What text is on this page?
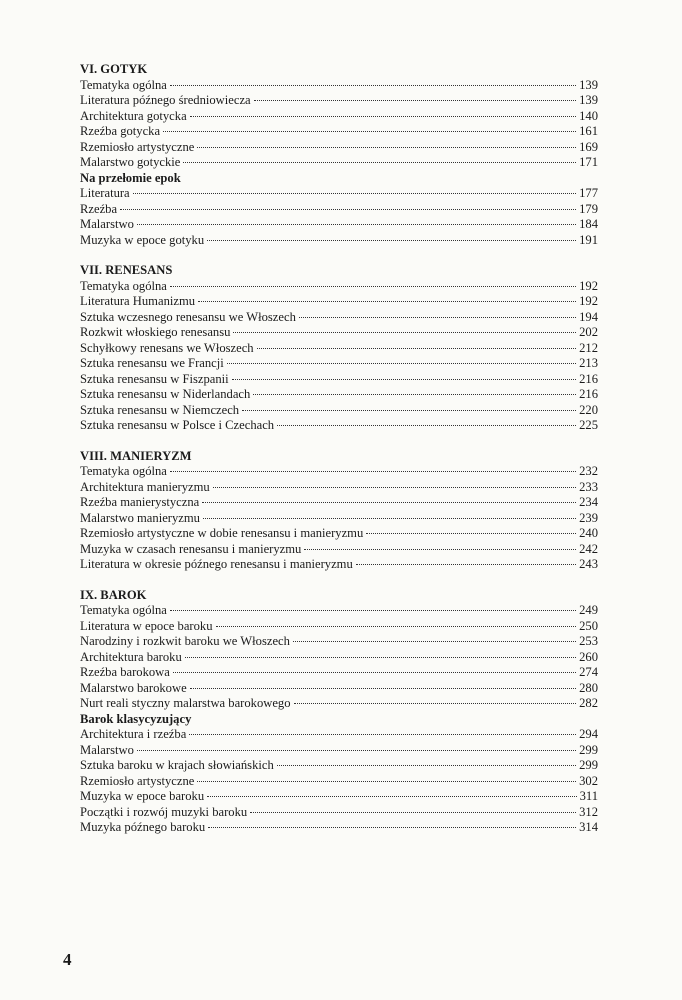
VI. GOTYK
Tematyka ogólna	139
Literatura późnego średniowiecza	139
Architektura gotycka	140
Rzeźba gotycka	161
Rzemiosło artystyczne	169
Malarstwo gotyckie	171
Na przełomie epok
Literatura	177
Rzeźba	179
Malarstwo	184
Muzyka w epoce gotyku	191
VII. RENESANS
Tematyka ogólna	192
Literatura Humanizmu	192
Sztuka wczesnego renesansu we Włoszech	194
Rozkwit włoskiego renesansu	202
Schyłkowy renesans we Włoszech	212
Sztuka renesansu we Francji	213
Sztuka renesansu w Fiszpanii	216
Sztuka renesansu w Niderlandach	216
Sztuka renesansu w Niemczech	220
Sztuka renesansu w Polsce i Czechach	225
VIII. MANIERYZM
Tematyka ogólna	232
Architektura manieryzmu	233
Rzeźba manierystyczna	234
Malarstwo manieryzmu	239
Rzemiosło artystyczne w dobie renesansu i manieryzmu	240
Muzyka w czasach renesansu i manieryzmu	242
Literatura w okresie późnego renesansu i manieryzmu	243
IX. BAROK
Tematyka ogólna	249
Literatura w epoce baroku	250
Narodziny i rozkwit baroku we Włoszech	253
Architektura baroku	260
Rzeźba barokowa	274
Malarstwo barokowe	280
Nurt reali styczny malarstwa barokowego	282
Barok klasycyzujący
Architektura i rzeźba	294
Malarstwo	299
Sztuka baroku w krajach słowiańskich	299
Rzemiosło artystyczne	302
Muzyka w epoce baroku	311
Początki i rozwój muzyki baroku	312
Muzyka późnego baroku	314
4
